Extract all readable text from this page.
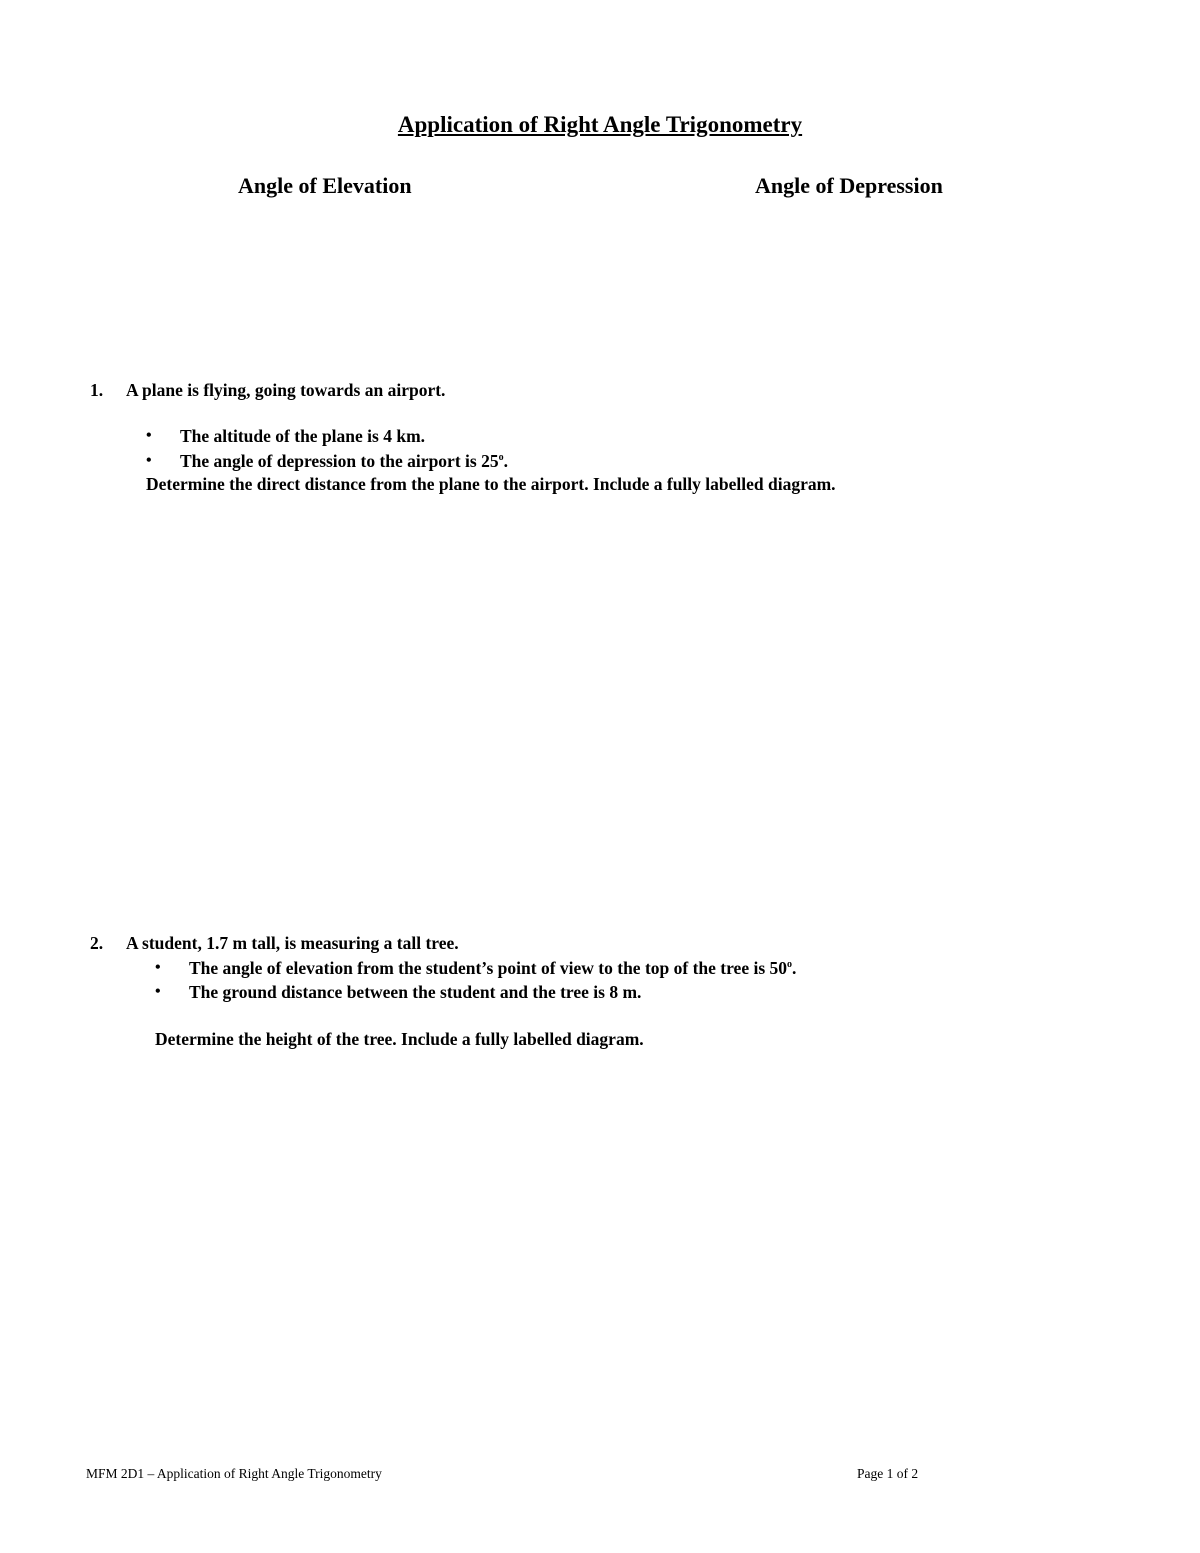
Application of Right Angle Trigonometry
Angle of Elevation	Angle of Depression
1.	A plane is flying, going towards an airport.
• The altitude of the plane is 4 km.
• The angle of depression to the airport is 25$^o$.
Determine the direct distance from the plane to the airport. Include a fully labelled diagram.
2.	A student, 1.7 m tall, is measuring a tall tree.
• The angle of elevation from the student’s point of view to the top of the tree is 50$^o$.
• The ground distance between the student and the tree is 8 m.
Determine the height of the tree. Include a fully labelled diagram.
MFM 2D1 – Application of Right Angle Trigonometry	Page 1 of 2
